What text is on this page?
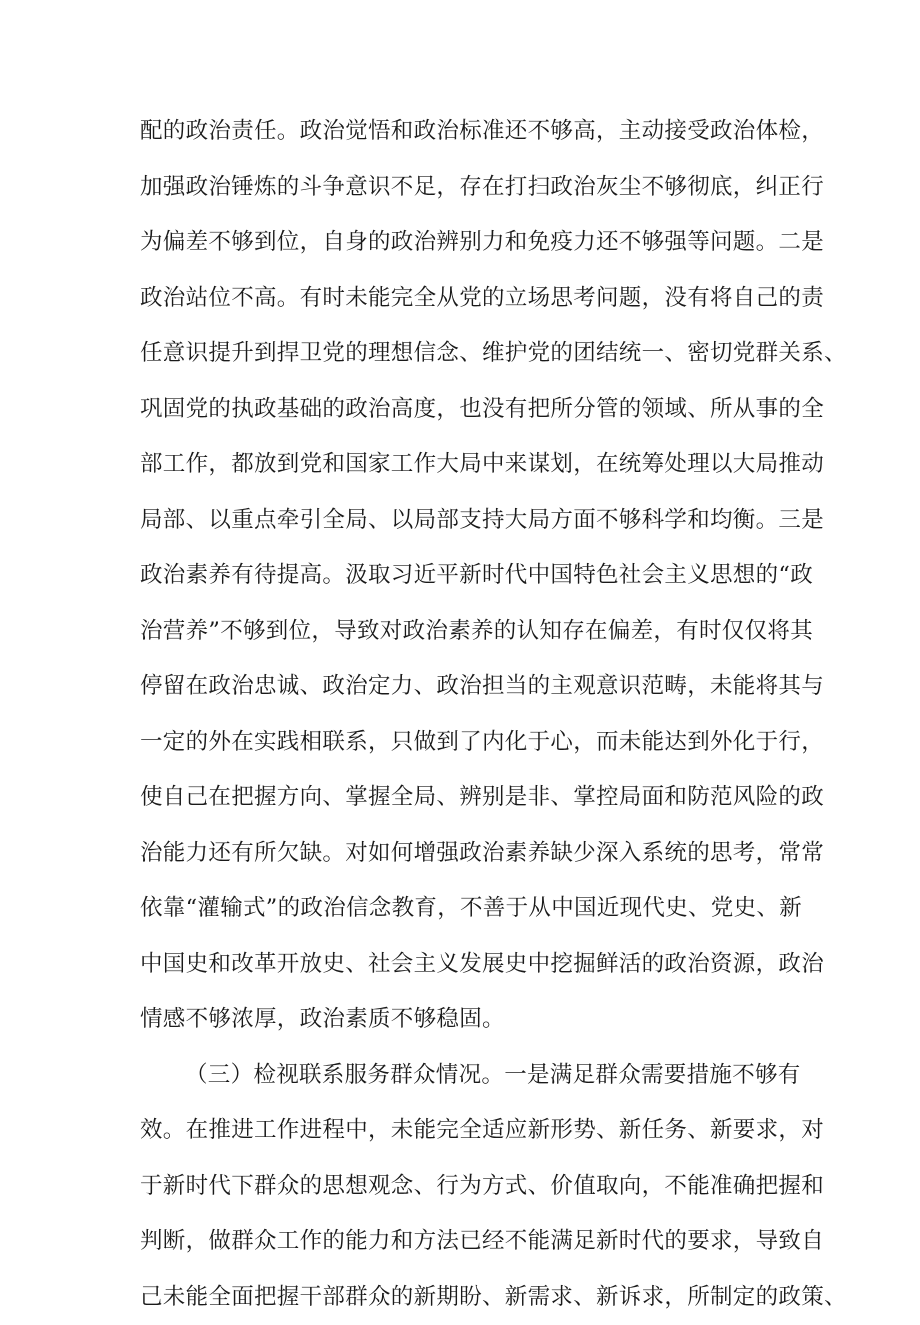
配的政治责任。政治觉悟和政治标准还不够高，主动接受政治体检，
加强政治锤炼的斗争意识不足，存在打扫政治灰尘不够彻底，纠正行
为偏差不够到位，自身的政治辨别力和免疫力还不够强等问题。二是
政治站位不高。有时未能完全从党的立场思考问题，没有将自己的责
任意识提升到捍卫党的理想信念、维护党的团结统一、密切党群关系、
巩固党的执政基础的政治高度，也没有把所分管的领域、所从事的全
部工作，都放到党和国家工作大局中来谋划，在统筹处理以大局推动
局部、以重点牵引全局、以局部支持大局方面不够科学和均衡。三是
政治素养有待提高。汲取习近平新时代中国特色社会主义思想的“政
治营养”不够到位，导致对政治素养的认知存在偏差，有时仅仅将其
停留在政治忠诚、政治定力、政治担当的主观意识范畴，未能将其与
一定的外在实践相联系，只做到了内化于心，而未能达到外化于行，
使自己在把握方向、掌握全局、辨别是非、掌控局面和防范风险的政
治能力还有所欠缺。对如何增强政治素养缺少深入系统的思考，常常
依靠“灌输式”的政治信念教育，不善于从中国近现代史、党史、新
中国史和改革开放史、社会主义发展史中挖掘鲜活的政治资源，政治
情感不够浓厚，政治素质不够稳固。
（三）检视联系服务群众情况。一是满足群众需要措施不够有
效。在推进工作进程中，未能完全适应新形势、新任务、新要求，对
于新时代下群众的思想观念、行为方式、价值取向，不能准确把握和
判断，做群众工作的能力和方法已经不能满足新时代的要求，导致自
己未能全面把握干部群众的新期盼、新需求、新诉求，所制定的政策、
